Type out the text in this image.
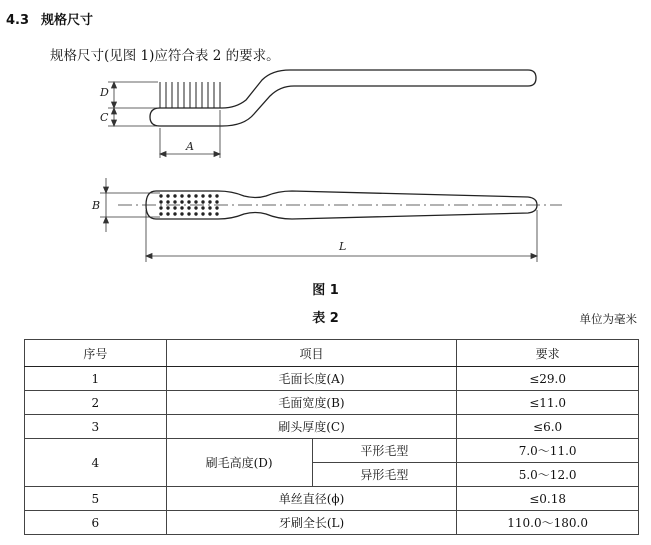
4.3 规格尺寸
规格尺寸(见图 1)应符合表 2 的要求。
D
C
A
B
L
图 1
表 2	单位为毫米
序号	项目		要求
1	毛面长度(A)		≤29.0
2	毛面宽度(B)		≤11.0
3	刷头厚度(C)		≤6.0
4	刷毛高度(D)	平形毛型	7.0～11.0
		异形毛型	5.0～12.0
5	单丝直径(ϕ)		≤0.18
6	牙刷全长(L)		110.0～180.0
